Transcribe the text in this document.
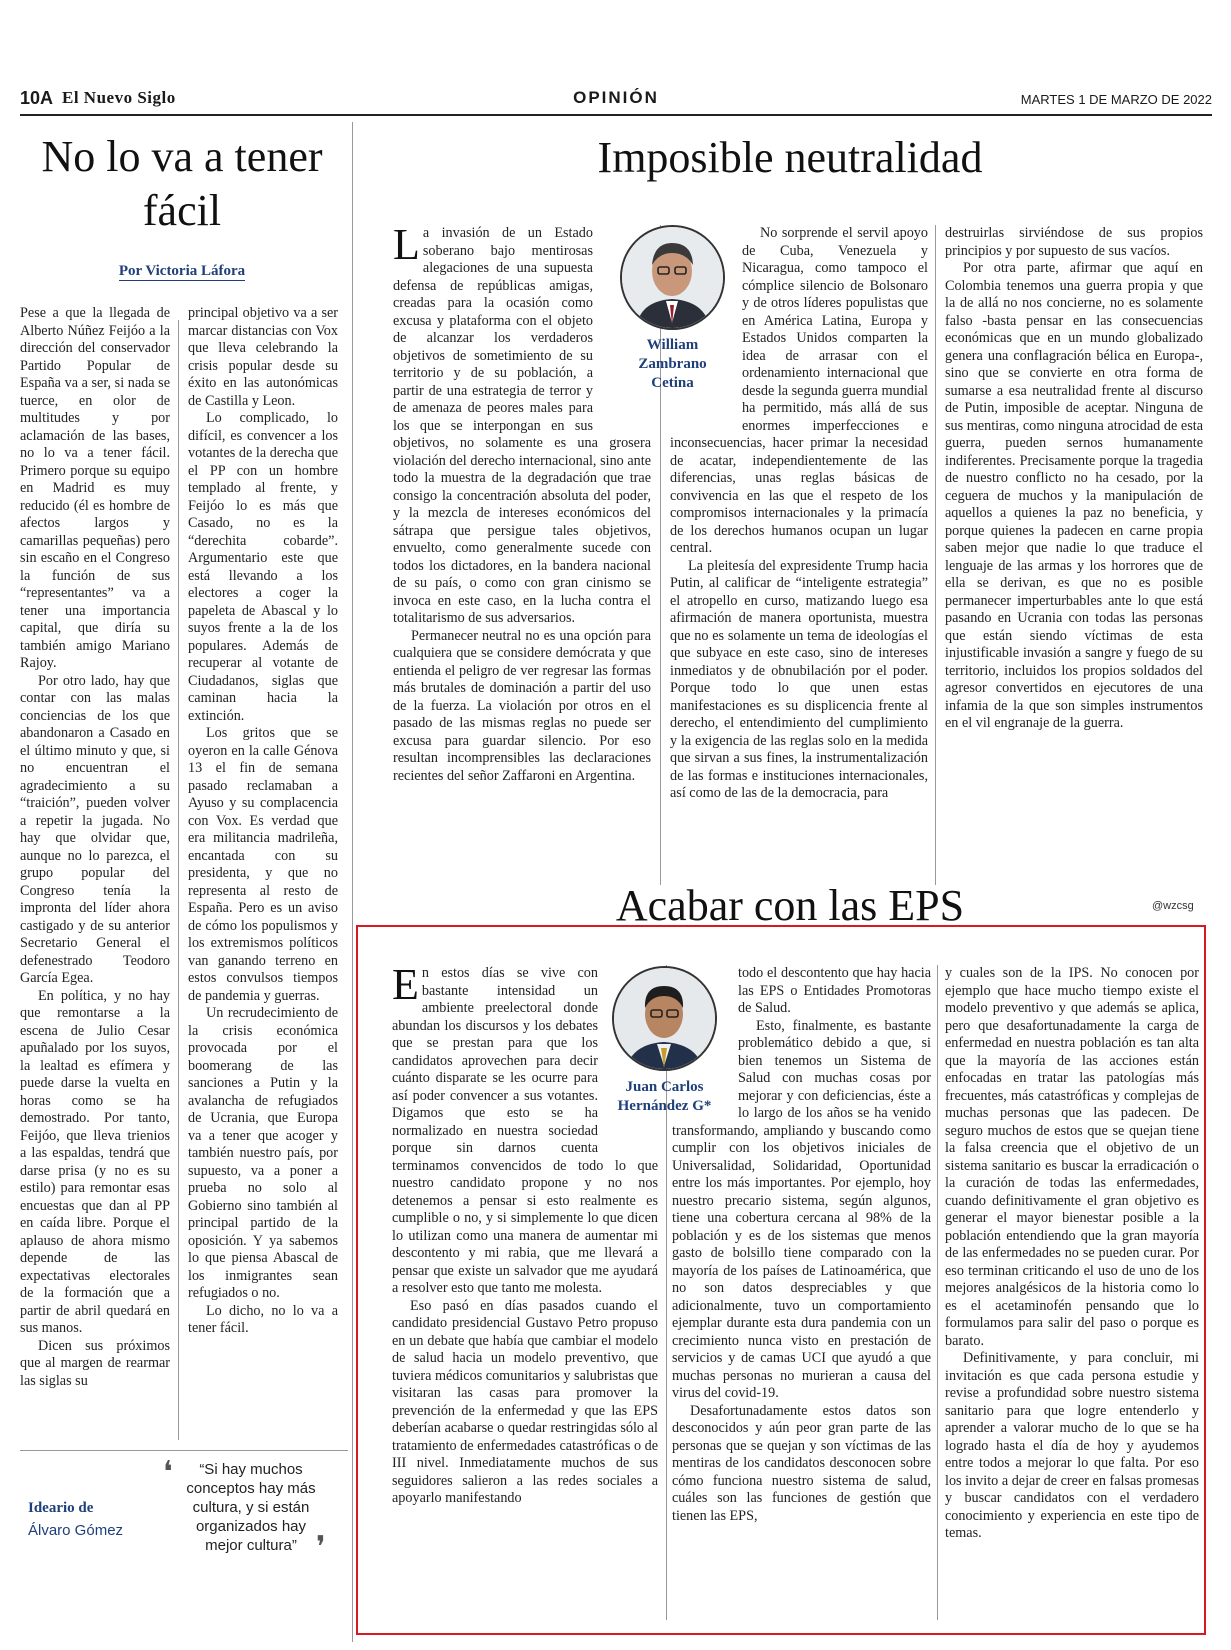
10A El Nuevo Siglo	OPINIÓN	MARTES 1 DE MARZO DE 2022
No lo va a tener fácil
Por Victoria Láfora

Pese a que la llegada de Alberto Núñez Feijóo a la dirección del conservador Partido Popular de España va a ser, si nada se tuerce, en olor de multitudes y por aclamación de las bases, no lo va a tener fácil. Primero porque su equipo en Madrid es muy reducido (él es hombre de afectos largos y camarillas pequeñas) pero sin escaño en el Congreso la función de sus “representantes” va a tener una importancia capital, que diría su también amigo Mariano Rajoy.

Por otro lado, hay que contar con las malas conciencias de los que abandonaron a Casado en el último minuto y que, si no encuentran el agradecimiento a su “traición”, pueden volver a repetir la jugada. No hay que olvidar que, aunque no lo parezca, el grupo popular del Congreso tenía la impronta del líder ahora castigado y de su anterior Secretario General el defenestrado Teodoro García Egea.

En política, y no hay que remontarse a la escena de Julio Cesar apuñalado por los suyos, la lealtad es efímera y puede darse la vuelta en horas como se ha demostrado. Por tanto, Feijóo, que lleva trienios a las espaldas, tendrá que darse prisa (y no es su estilo) para remontar esas encuestas que dan al PP en caída libre. Porque el aplauso de ahora mismo depende de las expectativas electorales de la formación que a partir de abril quedará en sus manos.

Dicen sus próximos que al margen de rearmar las siglas su

principal objetivo va a ser marcar distancias con Vox que lleva celebrando la crisis popular desde su éxito en las autonómicas de Castilla y Leon.

Lo complicado, lo difícil, es convencer a los votantes de la derecha que el PP con un hombre templado al frente, y Feijóo lo es más que Casado, no es la “derechita cobarde”. Argumentario este que está llevando a los electores a coger la papeleta de Abascal y lo suyos frente a la de los populares. Además de recuperar al votante de Ciudadanos, siglas que caminan hacia la extinción.

Los gritos que se oyeron en la calle Génova 13 el fin de semana pasado reclamaban a Ayuso y su complacencia con Vox. Es verdad que era militancia madrileña, encantada con su presidenta, y que no representa al resto de España. Pero es un aviso de cómo los populismos y los extremismos políticos van ganando terreno en estos convulsos tiempos de pandemia y guerras.

Un recrudecimiento de la crisis económica provocada por el boomerang de las sanciones a Putin y la avalancha de refugiados de Ucrania, que Europa va a tener que acoger y también nuestro país, por supuesto, va a poner a prueba no solo al Gobierno sino también al principal partido de la oposición. Y ya sabemos lo que piensa Abascal de los inmigrantes sean refugiados o no.

Lo dicho, no lo va a tener fácil.

Ideario de
Álvaro Gómez
❛	“Si hay muchos conceptos hay más cultura, y si están organizados hay mejor cultura” ❜
Imposible neutralidad
William
Zambrano
Cetina

La invasión de un Estado soberano bajo mentirosas alegaciones de una supuesta defensa de repúblicas amigas, creadas para la ocasión como excusa y plataforma con el objeto de alcanzar los verdaderos objetivos de sometimiento de su territorio y de su población, a partir de una estrategia de terror y de amenaza de peores males para los que se interpongan en sus objetivos, no solamente es una grosera violación del derecho internacional, sino ante todo la muestra de la degradación que trae consigo la concentración absoluta del poder, y la mezcla de intereses económicos del sátrapa que persigue tales objetivos, envuelto, como generalmente sucede con todos los dictadores, en la bandera nacional de su país, o como con gran cinismo se invoca en este caso, en la lucha contra el totalitarismo de sus adversarios.

Permanecer neutral no es una opción para cualquiera que se considere demócrata y que entienda el peligro de ver regresar las formas más brutales de dominación a partir del uso de la fuerza. La violación por otros en el pasado de las mismas reglas no puede ser excusa para guardar silencio. Por eso resultan incomprensibles las declaraciones recientes del señor Zaffaroni en Argentina.

No sorprende el servil apoyo de Cuba, Venezuela y Nicaragua, como tampoco el cómplice silencio de Bolsonaro y de otros líderes populistas que en América Latina, Europa y Estados Unidos comparten la idea de arrasar con el ordenamiento internacional que desde la segunda guerra mundial ha permitido, más allá de sus enormes imperfecciones e inconsecuencias, hacer primar la necesidad de acatar, independientemente de las diferencias, unas reglas básicas de convivencia en las que el respeto de los compromisos internacionales y la primacía de los derechos humanos ocupan un lugar central.

La pleitesía del expresidente Trump hacia Putin, al calificar de “inteligente estrategia” el atropello en curso, matizando luego esa afirmación de manera oportunista, muestra que no es solamente un tema de ideologías el que subyace en este caso, sino de intereses inmediatos y de obnubilación por el poder. Porque todo lo que unen estas manifestaciones es su displicencia frente al derecho, el entendimiento del cumplimiento y la exigencia de las reglas solo en la medida que sirvan a sus fines, la instrumentalización de las formas e instituciones internacionales, así como de las de la democracia, para

destruirlas sirviéndose de sus propios principios y por supuesto de sus vacíos.

Por otra parte, afirmar que aquí en Colombia tenemos una guerra propia y que la de allá no nos concierne, no es solamente falso -basta pensar en las consecuencias económicas que en un mundo globalizado genera una conflagración bélica en Europa-, sino que se convierte en otra forma de sumarse a esa neutralidad frente al discurso de Putin, imposible de aceptar. Ninguna de sus mentiras, como ninguna atrocidad de esta guerra, pueden sernos humanamente indiferentes. Precisamente porque la tragedia de nuestro conflicto no ha cesado, por la ceguera de muchos y la manipulación de aquellos a quienes la paz no beneficia, y porque quienes la padecen en carne propia saben mejor que nadie lo que traduce el lenguaje de las armas y los horrores que de ella se derivan, es que no es posible permanecer imperturbables ante lo que está pasando en Ucrania con todas las personas que están siendo víctimas de esta injustificable invasión a sangre y fuego de su territorio, incluidos los propios soldados del agresor convertidos en ejecutores de una infamia de la que son simples instrumentos en el vil engranaje de la guerra.

@wzcsg
Acabar con las EPS
Juan Carlos
Hernández G*

En estos días se vive con bastante intensidad un ambiente preelectoral donde abundan los discursos y los debates que se prestan para que los candidatos aprovechen para decir cuánto disparate se les ocurre para así poder convencer a sus votantes. Digamos que esto se ha normalizado en nuestra sociedad porque sin darnos cuenta terminamos convencidos de todo lo que nuestro candidato propone y no nos detenemos a pensar si esto realmente es cumplible o no, y si simplemente lo que dicen lo utilizan como una manera de aumentar mi descontento y mi rabia, que me llevará a pensar que existe un salvador que me ayudará a resolver esto que tanto me molesta.

Eso pasó en días pasados cuando el candidato presidencial Gustavo Petro propuso en un debate que había que cambiar el modelo de salud hacia un modelo preventivo, que tuviera médicos comunitarios y salubristas que visitaran las casas para promover la prevención de la enfermedad y que las EPS deberían acabarse o quedar restringidas sólo al tratamiento de enfermedades catastróficas o de III nivel. Inmediatamente muchos de sus seguidores salieron a las redes sociales a apoyarlo manifestando

todo el descontento que hay hacia las EPS o Entidades Promotoras de Salud.

Esto, finalmente, es bastante problemático debido a que, si bien tenemos un Sistema de Salud con muchas cosas por mejorar y con deficiencias, éste a lo largo de los años se ha venido transformando, ampliando y buscando como cumplir con los objetivos iniciales de Universalidad, Solidaridad, Oportunidad entre los más importantes. Por ejemplo, hoy nuestro precario sistema, según algunos, tiene una cobertura cercana al 98% de la población y es de los sistemas que menos gasto de bolsillo tiene comparado con la mayoría de los países de Latinoamérica, que no son datos despreciables y que adicionalmente, tuvo un comportamiento ejemplar durante esta dura pandemia con un crecimiento nunca visto en prestación de servicios y de camas UCI que ayudó a que muchas personas no murieran a causa del virus del covid-19.

Desafortunadamente estos datos son desconocidos y aún peor gran parte de las personas que se quejan y son víctimas de las mentiras de los candidatos desconocen sobre cómo funciona nuestro sistema de salud, cuáles son las funciones de gestión que tienen las EPS,

y cuales son de la IPS. No conocen por ejemplo que hace mucho tiempo existe el modelo preventivo y que además se aplica, pero que desafortunadamente la carga de enfermedad en nuestra población es tan alta que la mayoría de las acciones están enfocadas en tratar las patologías más frecuentes, más catastróficas y complejas de muchas personas que las padecen. De seguro muchos de estos que se quejan tiene la falsa creencia que el objetivo de un sistema sanitario es buscar la erradicación o la curación de todas las enfermedades, cuando definitivamente el gran objetivo es generar el mayor bienestar posible a la población entendiendo que la gran mayoría de las enfermedades no se pueden curar. Por eso terminan criticando el uso de uno de los mejores analgésicos de la historia como lo es el acetaminofén pensando que lo formulamos para salir del paso o porque es barato.

Definitivamente, y para concluir, mi invitación es que cada persona estudie y revise a profundidad sobre nuestro sistema sanitario para que logre entenderlo y aprender a valorar mucho de lo que se ha logrado hasta el día de hoy y ayudemos entre todos a mejorar lo que falta. Por eso los invito a dejar de creer en falsas promesas y buscar candidatos con el verdadero conocimiento y experiencia en este tipo de temas.
